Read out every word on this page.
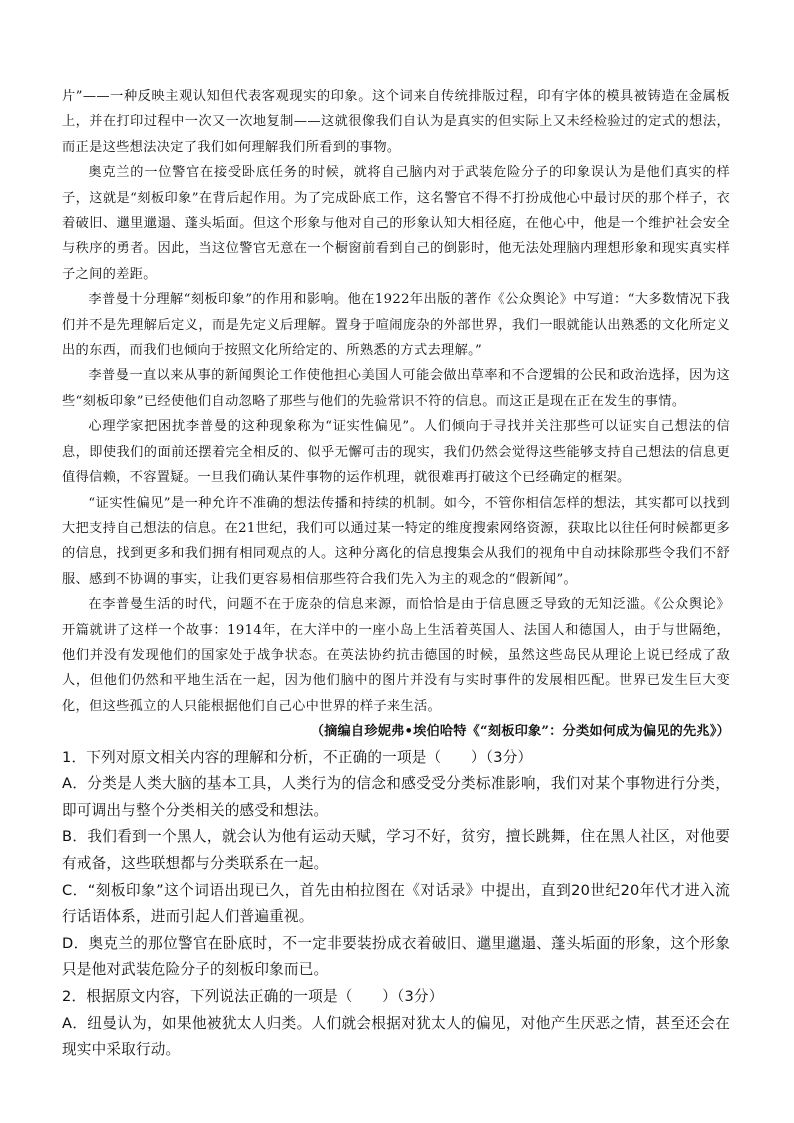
片”——一种反映主观认知但代表客观现实的印象。这个词来自传统排版过程，印有字体的模具被铸造在金属板上，并在打印过程中一次又一次地复制——这就很像我们自认为是真实的但实际上又未经检验过的定式的想法，而正是这些想法决定了我们如何理解我们所看到的事物。

奥克兰的一位警官在接受卧底任务的时候，就将自己脑内对于武装危险分子的印象误认为是他们真实的样子，这就是“刻板印象”在背后起作用。为了完成卧底工作，这名警官不得不打扮成他心中最讨厌的那个样子，衣着破旧、邋里邋遢、蓬头垢面。但这个形象与他对自己的形象认知大相径庭，在他心中，他是一个维护社会安全与秩序的勇者。因此，当这位警官无意在一个橱窗前看到自己的倒影时，他无法处理脑内理想形象和现实真实样子之间的差距。

李普曼十分理解“刻板印象”的作用和影响。他在1922年出版的著作《公众舆论》中写道：“大多数情况下我们并不是先理解后定义，而是先定义后理解。置身于喧闹庞杂的外部世界，我们一眼就能认出熟悉的文化所定义出的东西，而我们也倾向于按照文化所给定的、所熟悉的方式去理解。”

李普曼一直以来从事的新闻舆论工作使他担心美国人可能会做出草率和不合逻辑的公民和政治选择，因为这些“刻板印象”已经使他们自动忽略了那些与他们的先验常识不符的信息。而这正是现在正在发生的事情。

心理学家把困扰李普曼的这种现象称为“证实性偏见”。人们倾向于寻找并关注那些可以证实自己想法的信息，即使我们的面前还摆着完全相反的、似乎无懈可击的现实，我们仍然会觉得这些能够支持自己想法的信息更值得信赖，不容置疑。一旦我们确认某件事物的运作机理，就很难再打破这个已经确定的框架。

“证实性偏见”是一种允许不准确的想法传播和持续的机制。如今，不管你相信怎样的想法，其实都可以找到大把支持自己想法的信息。在21世纪，我们可以通过某一特定的维度搜索网络资源，获取比以往任何时候都更多的信息，找到更多和我们拥有相同观点的人。这种分离化的信息搜集会从我们的视角中自动抹除那些令我们不舒服、感到不协调的事实，让我们更容易相信那些符合我们先入为主的观念的“假新闻”。

在李普曼生活的时代，问题不在于庞杂的信息来源，而恰恰是由于信息匮乏导致的无知泛滥。《公众舆论》开篇就讲了这样一个故事：1914年，在大洋中的一座小岛上生活着英国人、法国人和德国人，由于与世隔绝，他们并没有发现他们的国家处于战争状态。在英法协约抗击德国的时候，虽然这些岛民从理论上说已经成了敌人，但他们仍然和平地生活在一起，因为他们脑中的图片并没有与实时事件的发展相匹配。世界已发生巨大变化，但这些孤立的人只能根据他们自己心中世界的样子来生活。

（摘编自珍妮弗•埃伯哈特《“刻板印象”：分类如何成为偏见的先兆》）

1．下列对原文相关内容的理解和分析，不正确的一项是（　　）（3分）

A．分类是人类大脑的基本工具，人类行为的信念和感受受分类标准影响，我们对某个事物进行分类，即可调出与整个分类相关的感受和想法。

B．我们看到一个黑人，就会认为他有运动天赋，学习不好，贫穷，擅长跳舞，住在黑人社区，对他要有戒备，这些联想都与分类联系在一起。

C．“刻板印象”这个词语出现已久，首先由柏拉图在《对话录》中提出，直到20世纪20年代才进入流行话语体系，进而引起人们普遍重视。

D．奥克兰的那位警官在卧底时，不一定非要装扮成衣着破旧、邋里邋遢、蓬头垢面的形象，这个形象只是他对武装危险分子的刻板印象而已。

2．根据原文内容，下列说法正确的一项是（　　）（3分）

A．纽曼认为，如果他被犹太人归类。人们就会根据对犹太人的偏见，对他产生厌恶之情，甚至还会在现实中采取行动。
